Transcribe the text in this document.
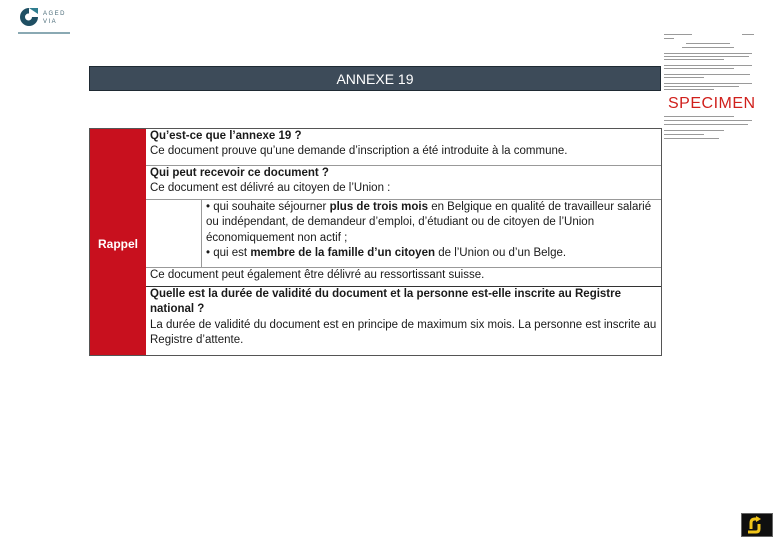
AGED
VIA
ANNEXE 19
SPECIMEN
Rappel
Qu’est-ce que l’annexe 19 ?
Ce document prouve qu’une demande d’inscription a été introduite à la commune.
Qui peut recevoir ce document ?
Ce document est délivré au citoyen de l’Union :
• qui souhaite séjourner plus de trois mois en Belgique en qualité de travailleur salarié ou indépendant, de demandeur d’emploi, d’étudiant ou de citoyen de l’Union économiquement non actif ;
• qui est membre de la famille d’un citoyen de l’Union ou d’un Belge.
Ce document peut également être délivré au ressortissant suisse.
Quelle est la durée de validité du document et la personne est-elle inscrite au Registre national ?
La durée de validité du document est en principe de maximum six mois. La personne est inscrite au Registre d’attente.
